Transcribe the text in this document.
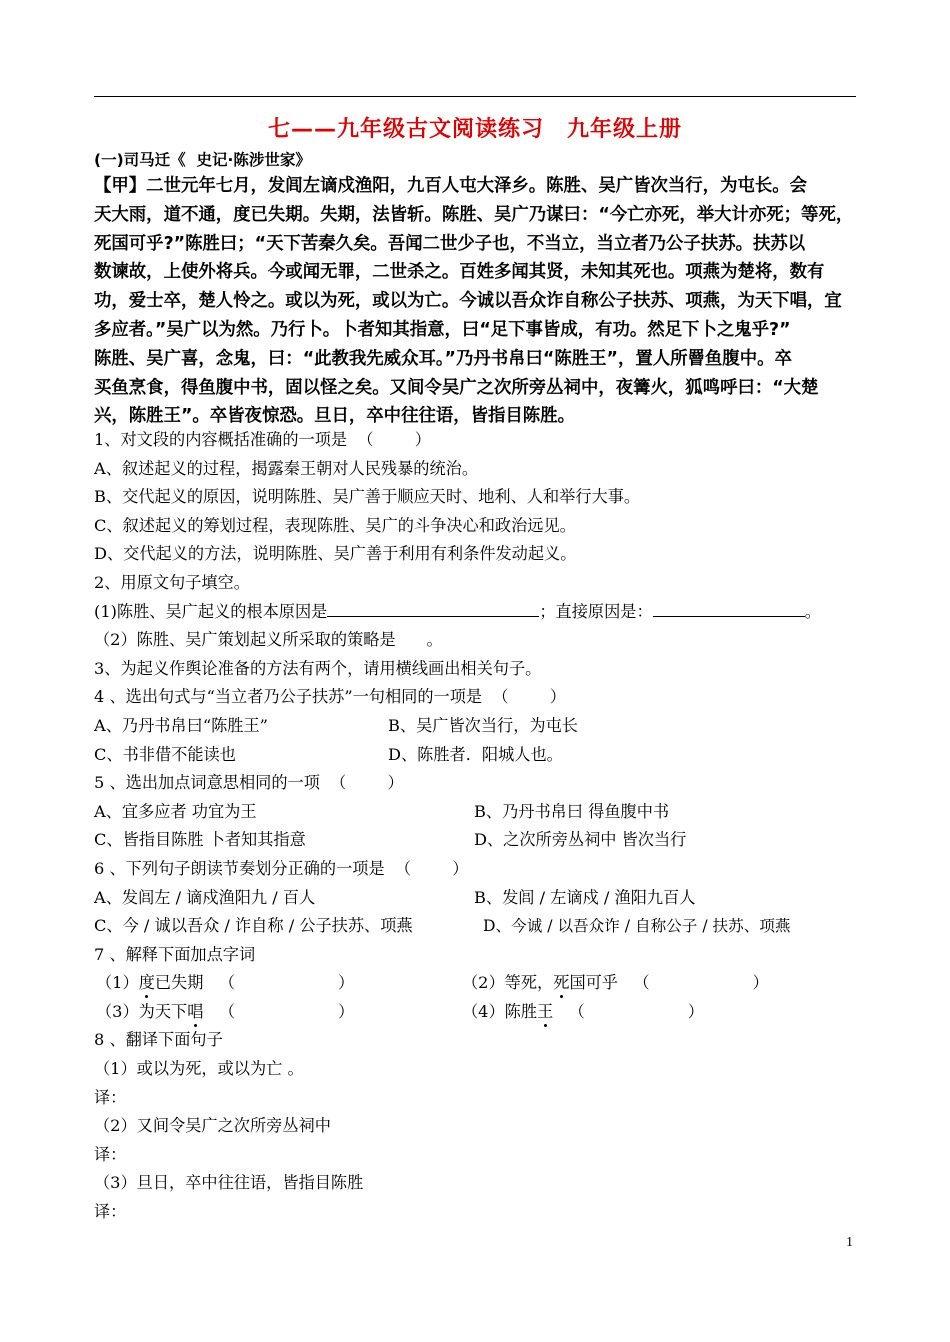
七——九年级古文阅读练习　九年级上册
(一)司马迁《  史记·陈涉世家》
【甲】二世元年七月，发闾左谪戍渔阳，九百人屯大泽乡。陈胜、吴广皆次当行，为屯长。会
天大雨，道不通，度已失期。失期，法皆斩。陈胜、吴广乃谋曰：“今亡亦死，举大计亦死；等死，
死国可乎?”陈胜曰；“天下苦秦久矣。吾闻二世少子也，不当立，当立者乃公子扶苏。扶苏以
数谏故，上使外将兵。今或闻无罪，二世杀之。百姓多闻其贤，未知其死也。项燕为楚将，数有
功，爱士卒，楚人怜之。或以为死，或以为亡。今诚以吾众诈自称公子扶苏、项燕，为天下唱，宜
多应者。”吴广以为然。乃行卜。卜者知其指意，曰“足下事皆成，有功。然足下卜之鬼乎?”
陈胜、吴广喜，念鬼，曰：“此教我先威众耳。”乃丹书帛曰“陈胜王”，置人所罾鱼腹中。卒
买鱼烹食，得鱼腹中书，固以怪之矣。又间令吴广之次所旁丛祠中，夜篝火，狐鸣呼曰：“大楚
兴，陈胜王”。卒皆夜惊恐。旦日，卒中往往语，皆指目陈胜。
1、对文段的内容概括准确的一项是  （        ）
A、叙述起义的过程，揭露秦王朝对人民残暴的统治。
B、交代起义的原因，说明陈胜、吴广善于顺应天时、地利、人和举行大事。
C、叙述起义的筹划过程，表现陈胜、吴广的斗争决心和政治远见。
D、交代起义的方法，说明陈胜、吴广善于利用有利条件发动起义。
2、用原文句子填空。
(1)陈胜、吴广起义的根本原因是	；直接原因是：	。
（2）陈胜、吴广策划起义所采取的策略是      。
3、为起义作舆论准备的方法有两个，请用横线画出相关句子。
4 、选出句式与“当立者乃公子扶苏”一句相同的一项是  （        ）

A、乃丹书帛曰“陈胜王”

	B、吴广皆次当行，为屯长

C、书非借不能读也

	D、陈胜者．阳城人也。

5 、选出加点词意思相同的一项  （        ）

A、宜多应者 功宜为王

	B、乃丹书帛曰 得鱼腹中书

C、皆指目陈胜 卜者知其指意

	D、之次所旁丛祠中 皆次当行

6 、下列句子朗读节奏划分正确的一项是  （        ）

A、发闾左 / 谪戍渔阳九 / 百人

	B、发闾 / 左谪戍 / 渔阳九百人

C、今 / 诚以吾众 / 诈自称 / 公子扶苏、项燕

	D、今诚 / 以吾众诈 / 自称公子 / 扶苏、项燕

7 、解释下面加点字词

（1）度已失期   （                    ）

	（2）等死，死国可乎   （                    ）

（3）为天下唱   （                    ）

	（4）陈胜王   （                    ）

8 、翻译下面句子
（1）或以为死，或以为亡 。
译：
（2）又间令吴广之次所旁丛祠中
译：
（3）旦日，卒中往往语，皆指目陈胜
译：
1
